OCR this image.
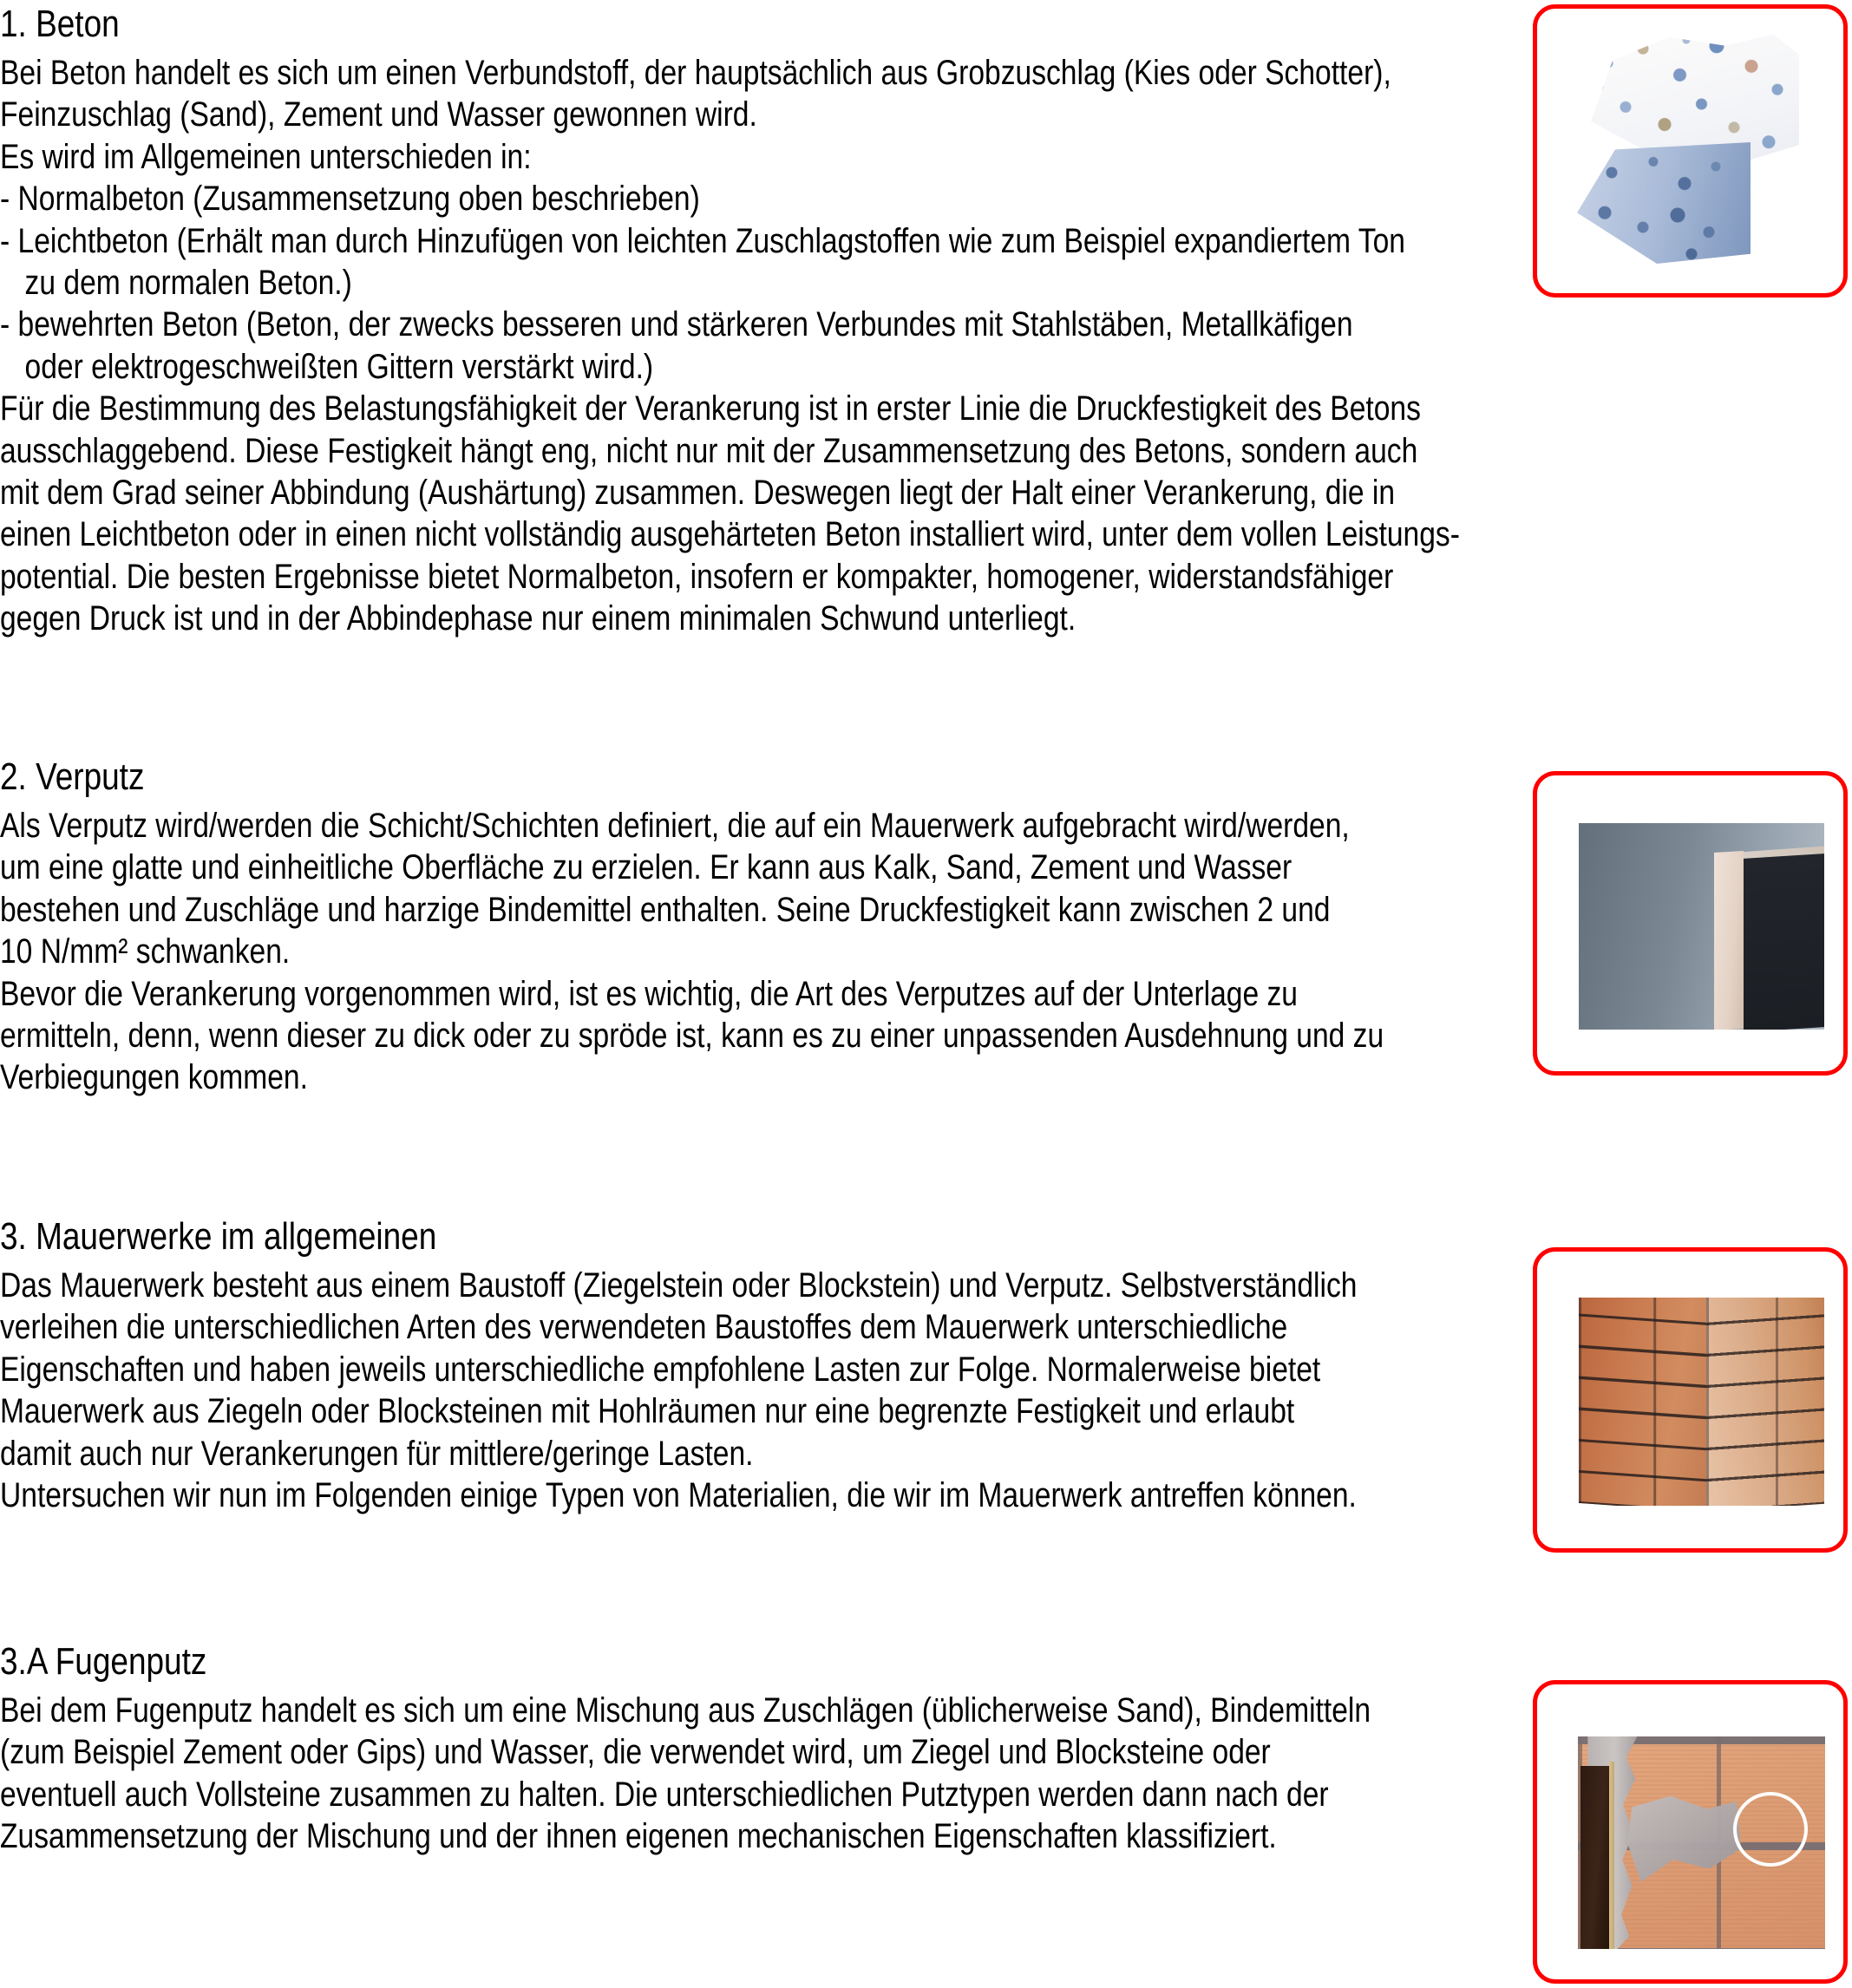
1. Beton

Bei Beton handelt es sich um einen Verbundstoff, der hauptsächlich aus Grobzuschlag (Kies oder Schotter),

Feinzuschlag (Sand), Zement und Wasser gewonnen wird.

Es wird im Allgemeinen unterschieden in:

- Normalbeton (Zusammensetzung oben beschrieben)

- Leichtbeton (Erhält man durch Hinzufügen von leichten Zuschlagstoffen wie zum Beispiel expandiertem Ton

zu dem normalen Beton.)

- bewehrten Beton (Beton, der zwecks besseren und stärkeren Verbundes mit Stahlstäben, Metallkäfigen

oder elektrogeschweißten Gittern verstärkt wird.)

Für die Bestimmung des Belastungsfähigkeit der Verankerung ist in erster Linie die Druckfestigkeit des Betons

ausschlaggebend. Diese Festigkeit hängt eng, nicht nur mit der Zusammensetzung des Betons, sondern auch

mit dem Grad seiner Abbindung (Aushärtung) zusammen. Deswegen liegt der Halt einer Verankerung, die in

einen Leichtbeton oder in einen nicht vollständig ausgehärteten Beton installiert wird, unter dem vollen Leistungs-

potential. Die besten Ergebnisse bietet Normalbeton, insofern er kompakter, homogener, widerstandsfähiger

gegen Druck ist und in der Abbindephase nur einem minimalen Schwund unterliegt.

2. Verputz

Als Verputz wird/werden die Schicht/Schichten definiert, die auf ein Mauerwerk aufgebracht wird/werden,

um eine glatte und einheitliche Oberfläche zu erzielen. Er kann aus Kalk, Sand, Zement und Wasser

bestehen und Zuschläge und harzige Bindemittel enthalten. Seine Druckfestigkeit kann zwischen 2 und

10 N/mm² schwanken.

Bevor die Verankerung vorgenommen wird, ist es wichtig, die Art des Verputzes auf der Unterlage zu

ermitteln, denn, wenn dieser zu dick oder zu spröde ist, kann es zu einer unpassenden Ausdehnung und zu

Verbiegungen kommen.

3. Mauerwerke im allgemeinen

Das Mauerwerk besteht aus einem Baustoff (Ziegelstein oder Blockstein) und Verputz. Selbstverständlich

verleihen die unterschiedlichen Arten des verwendeten Baustoffes dem Mauerwerk unterschiedliche

Eigenschaften und haben jeweils unterschiedliche empfohlene Lasten zur Folge. Normalerweise bietet

Mauerwerk aus Ziegeln oder Blocksteinen mit Hohlräumen nur eine begrenzte Festigkeit und erlaubt

damit auch nur Verankerungen für mittlere/geringe Lasten.

Untersuchen wir nun im Folgenden einige Typen von Materialien, die wir im Mauerwerk antreffen können.

3.A Fugenputz

Bei dem Fugenputz handelt es sich um eine Mischung aus Zuschlägen (üblicherweise Sand), Bindemitteln

(zum Beispiel Zement oder Gips) und Wasser, die verwendet wird, um Ziegel und Blocksteine oder

eventuell auch Vollsteine zusammen zu halten. Die unterschiedlichen Putztypen werden dann nach der

Zusammensetzung der Mischung und der ihnen eigenen mechanischen Eigenschaften klassifiziert.
